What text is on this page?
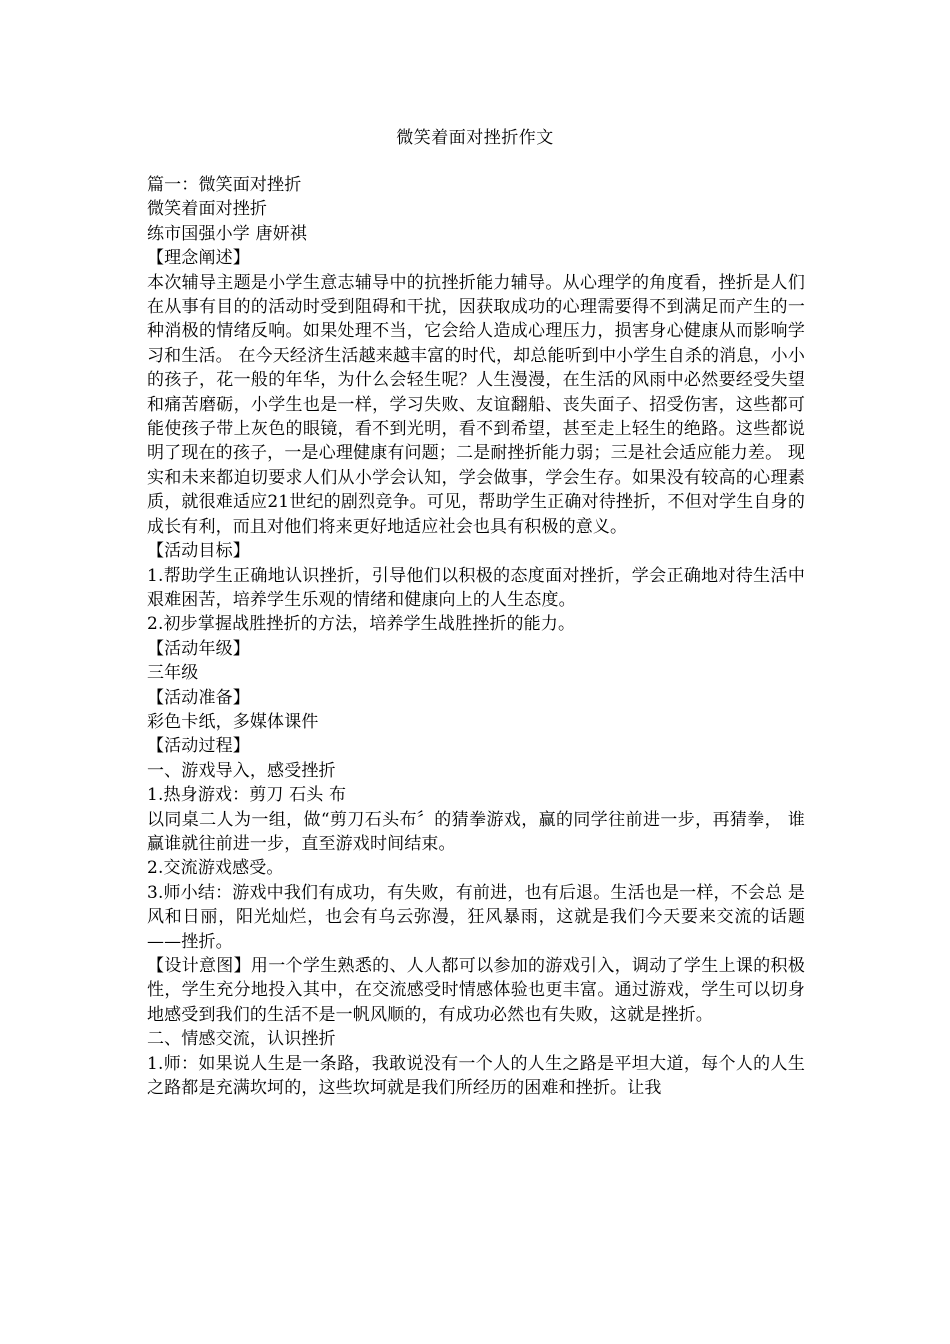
微笑着面对挫折作文

篇一：微笑面对挫折

微笑着面对挫折

练市国强小学 唐妍祺

【理念阐述】

本次辅导主题是小学生意志辅导中的抗挫折能力辅导。从心理学的角度看，挫折是人们在从事有目的的活动时受到阻碍和干扰，因获取成功的心理需要得不到满足而产生的一种消极的情绪反响。如果处理不当，它会给人造成心理压力，损害身心健康从而影响学习和生活。 在今天经济生活越来越丰富的时代，却总能听到中小学生自杀的消息，小小的孩子，花一般的年华，为什么会轻生呢？人生漫漫，在生活的风雨中必然要经受失望和痛苦磨砺，小学生也是一样，学习失败、友谊翻船、丧失面子、招受伤害，这些都可能使孩子带上灰色的眼镜，看不到光明，看不到希望，甚至走上轻生的绝路。这些都说明了现在的孩子，一是心理健康有问题；二是耐挫折能力弱；三是社会适应能力差。 现实和未来都迫切要求人们从小学会认知，学会做事，学会生存。如果没有较高的心理素质，就很难适应21世纪的剧烈竞争。可见，帮助学生正确对待挫折，不但对学生自身的成长有利，而且对他们将来更好地适应社会也具有积极的意义。

【活动目标】

1.帮助学生正确地认识挫折，引导他们以积极的态度面对挫折，学会正确地对待生活中艰难困苦，培养学生乐观的情绪和健康向上的人生态度。

2.初步掌握战胜挫折的方法，培养学生战胜挫折的能力。

【活动年级】

三年级

【活动准备】

彩色卡纸，多媒体课件

【活动过程】

一、游戏导入，感受挫折

1.热身游戏：剪刀 石头 布

以同桌二人为一组，做“剪刀石头布〞的猜拳游戏，赢的同学往前进一步，再猜拳， 谁赢谁就往前进一步，直至游戏时间结束。

2.交流游戏感受。

3.师小结：游戏中我们有成功，有失败，有前进，也有后退。生活也是一样，不会总 是风和日丽，阳光灿烂，也会有乌云弥漫，狂风暴雨，这就是我们今天要来交流的话题 ——挫折。

【设计意图】用一个学生熟悉的、人人都可以参加的游戏引入，调动了学生上课的积极性，学生充分地投入其中，在交流感受时情感体验也更丰富。通过游戏，学生可以切身地感受到我们的生活不是一帆风顺的，有成功必然也有失败，这就是挫折。

二、情感交流，认识挫折

1.师：如果说人生是一条路，我敢说没有一个人的人生之路是平坦大道，每个人的人生之路都是充满坎坷的，这些坎坷就是我们所经历的困难和挫折。让我
